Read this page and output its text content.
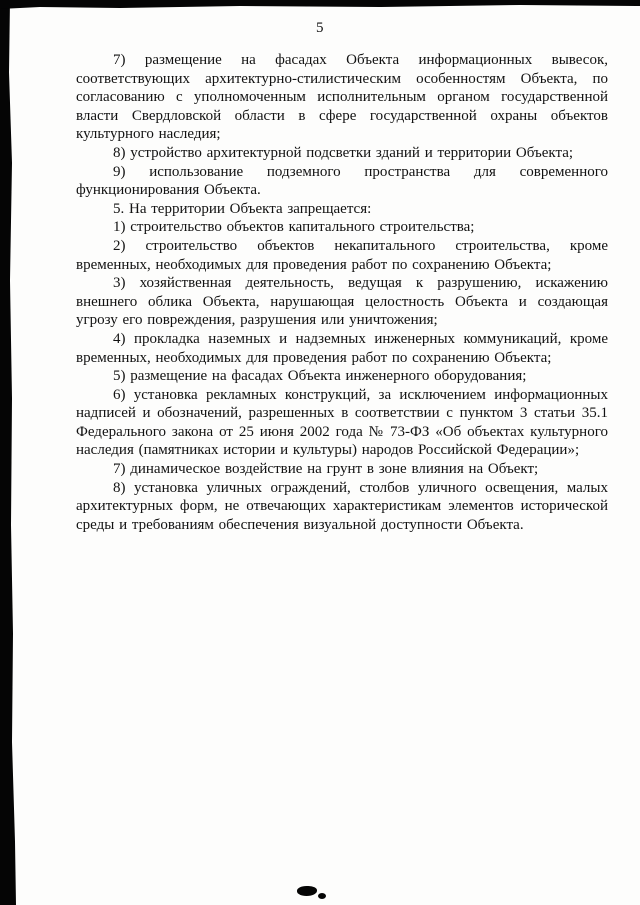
5

7) размещение на фасадах Объекта информационных вывесок, соответствующих архитектурно-стилистическим особенностям Объекта, по согласованию с уполномоченным исполнительным органом государственной власти Свердловской области в сфере государственной охраны объектов культурного наследия;

8) устройство архитектурной подсветки зданий и территории Объекта;

9) использование подземного пространства для современного функционирования Объекта.

5. На территории Объекта запрещается:

1) строительство объектов капитального строительства;

2) строительство объектов некапитального строительства, кроме временных, необходимых для проведения работ по сохранению Объекта;

3) хозяйственная деятельность, ведущая к разрушению, искажению внешнего облика Объекта, нарушающая целостность Объекта и создающая угрозу его повреждения, разрушения или уничтожения;

4) прокладка наземных и надземных инженерных коммуникаций, кроме временных, необходимых для проведения работ по сохранению Объекта;

5) размещение на фасадах Объекта инженерного оборудования;

6) установка рекламных конструкций, за исключением информационных надписей и обозначений, разрешенных в соответствии с пунктом 3 статьи 35.1 Федерального закона от 25 июня 2002 года № 73-ФЗ «Об объектах культурного наследия (памятниках истории и культуры) народов Российской Федерации»;

7) динамическое воздействие на грунт в зоне влияния на Объект;

8) установка уличных ограждений, столбов уличного освещения, малых архитектурных форм, не отвечающих характеристикам элементов исторической среды и требованиям обеспечения визуальной доступности Объекта.
